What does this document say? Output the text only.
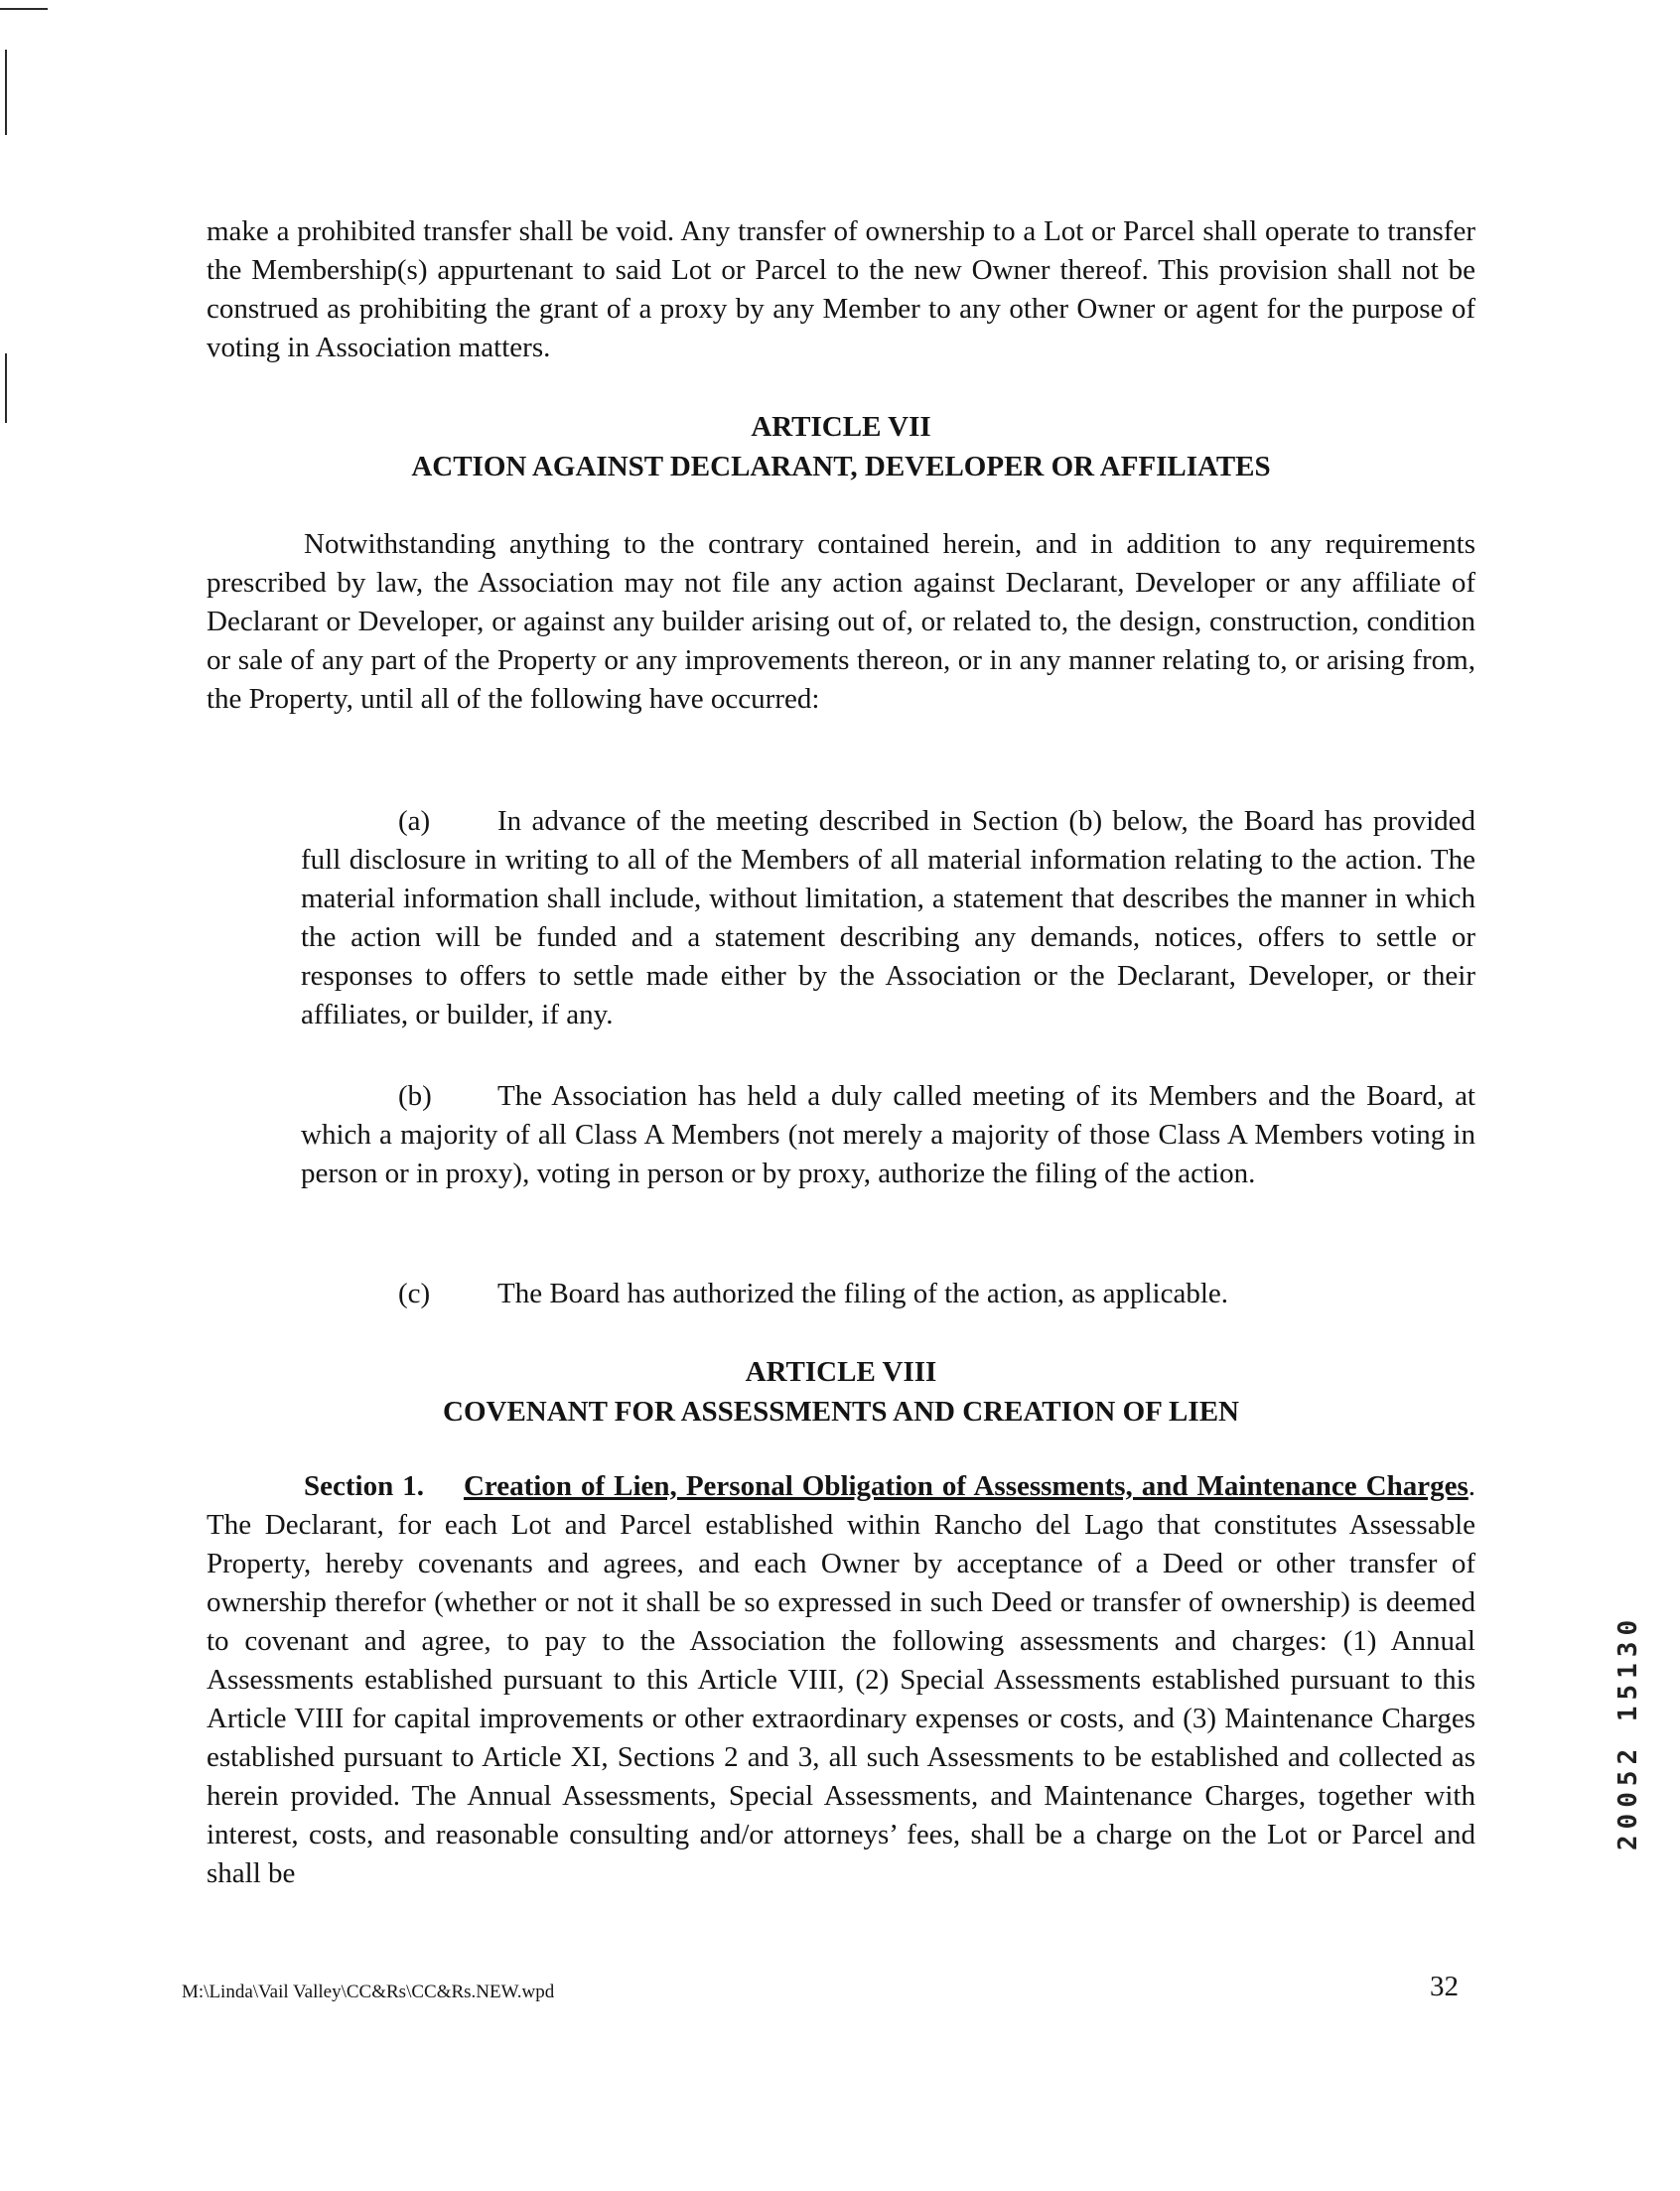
make a prohibited transfer shall be void. Any transfer of ownership to a Lot or Parcel shall operate to transfer the Membership(s) appurtenant to said Lot or Parcel to the new Owner thereof. This provision shall not be construed as prohibiting the grant of a proxy by any Member to any other Owner or agent for the purpose of voting in Association matters.

ARTICLE VII
ACTION AGAINST DECLARANT, DEVELOPER OR AFFILIATES

Notwithstanding anything to the contrary contained herein, and in addition to any requirements prescribed by law, the Association may not file any action against Declarant, Developer or any affiliate of Declarant or Developer, or against any builder arising out of, or related to, the design, construction, condition or sale of any part of the Property or any improvements thereon, or in any manner relating to, or arising from, the Property, until all of the following have occurred:

(a) In advance of the meeting described in Section (b) below, the Board has provided full disclosure in writing to all of the Members of all material information relating to the action. The material information shall include, without limitation, a statement that describes the manner in which the action will be funded and a statement describing any demands, notices, offers to settle or responses to offers to settle made either by the Association or the Declarant, Developer, or their affiliates, or builder, if any.

(b) The Association has held a duly called meeting of its Members and the Board, at which a majority of all Class A Members (not merely a majority of those Class A Members voting in person or in proxy), voting in person or by proxy, authorize the filing of the action.

(c) The Board has authorized the filing of the action, as applicable.

ARTICLE VIII
COVENANT FOR ASSESSMENTS AND CREATION OF LIEN

Section 1. Creation of Lien, Personal Obligation of Assessments, and Maintenance Charges. The Declarant, for each Lot and Parcel established within Rancho del Lago that constitutes Assessable Property, hereby covenants and agrees, and each Owner by acceptance of a Deed or other transfer of ownership therefor (whether or not it shall be so expressed in such Deed or transfer of ownership) is deemed to covenant and agree, to pay to the Association the following assessments and charges: (1) Annual Assessments established pursuant to this Article VIII, (2) Special Assessments established pursuant to this Article VIII for capital improvements or other extraordinary expenses or costs, and (3) Maintenance Charges established pursuant to Article XI, Sections 2 and 3, all such Assessments to be established and collected as herein provided. The Annual Assessments, Special Assessments, and Maintenance Charges, together with interest, costs, and reasonable consulting and/or attorneys’ fees, shall be a charge on the Lot or Parcel and shall be

M:\Linda\Vail Valley\CC&Rs\CC&Rs.NEW.wpd	32
20052 15130
